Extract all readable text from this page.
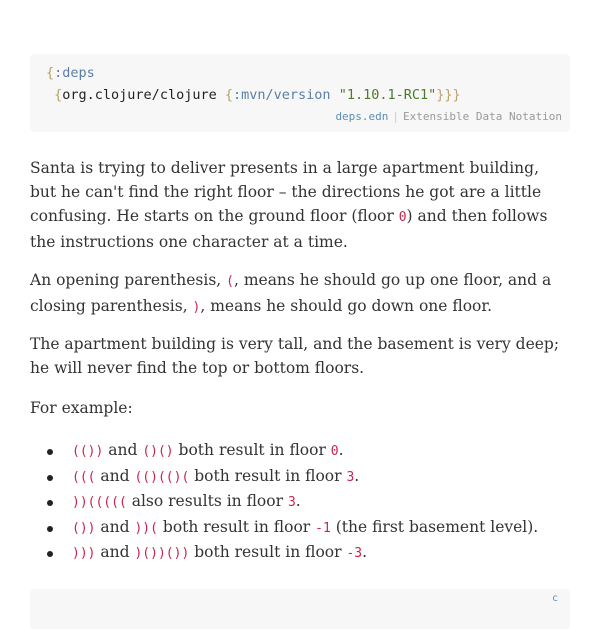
{:deps
{org.clojure/clojure {:mvn/version "1.10.1-RC1"}}}
deps.edn | Extensible Data Notation

Santa is trying to deliver presents in a large apartment building, but he can't find the right floor – the directions he got are a little confusing. He starts on the ground floor (floor 0) and then follows the instructions one character at a time.

An opening parenthesis, (, means he should go up one floor, and a closing parenthesis, ), means he should go down one floor.

The apartment building is very tall, and the basement is very deep; he will never find the top or bottom floors.

For example:

(()) and ()() both result in floor 0.
((( and (()(()( both result in floor 3.
))((((( also results in floor 3.
()) and ))( both result in floor -1 (the first basement level).
))) and )())()) both result in floor -3.
c
